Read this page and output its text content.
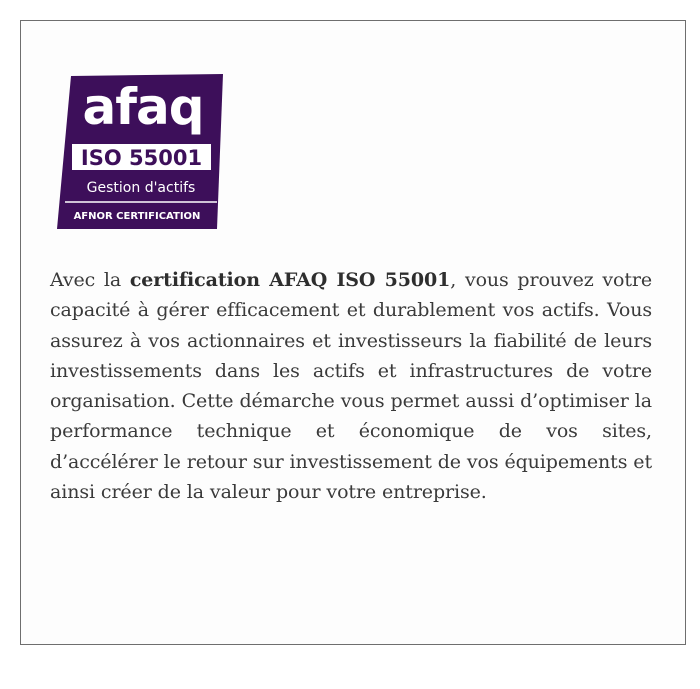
afaq
ISO 55001
Gestion d'actifs
AFNOR CERTIFICATION

Avec la certification AFAQ ISO 55001, vous prouvez votre capacité à gérer efficacement et durablement vos actifs. Vous assurez à vos actionnaires et investisseurs la fiabilité de leurs investissements dans les actifs et infrastructures de votre organisation. Cette démarche vous permet aussi d’optimiser la performance technique et économique de vos sites, d’accélérer le retour sur investissement de vos équipements et ainsi créer de la valeur pour votre entreprise.
